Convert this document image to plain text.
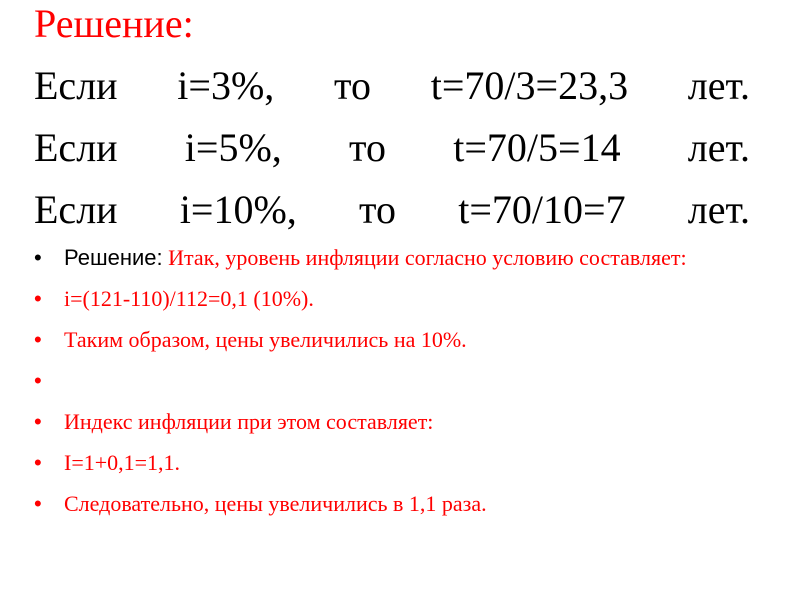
Решение:
Если i=3%, то t=70/3=23,3 лет.
Если i=5%, то t=70/5=14 лет.
Если i=10%, то t=70/10=7 лет.
• Решение: Итак, уровень инфляции согласно условию составляет:
• i=(121-110)/112=0,1 (10%).
• Таким образом, цены увеличились на 10%.
•
• Индекс инфляции при этом составляет:
• I=1+0,1=1,1.
• Следовательно, цены увеличились в 1,1 раза.
